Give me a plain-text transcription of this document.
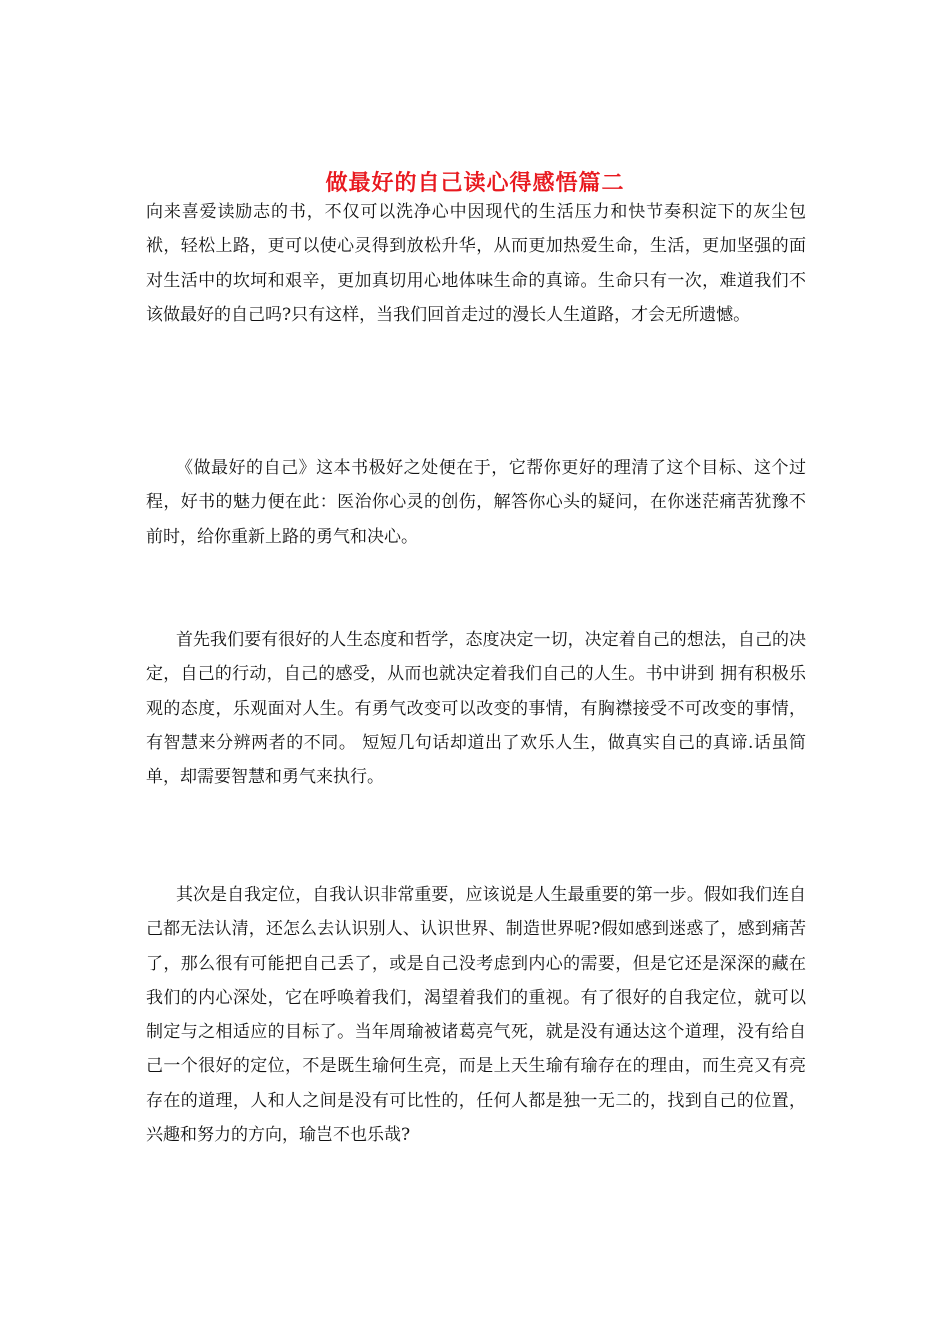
做最好的自己读心得感悟篇二

向来喜爱读励志的书，不仅可以洗净心中因现代的生活压力和快节奏积淀下的灰尘包袱，轻松上路，更可以使心灵得到放松升华，从而更加热爱生命，生活，更加坚强的面对生活中的坎坷和艰辛，更加真切用心地体味生命的真谛。生命只有一次，难道我们不该做最好的自己吗?只有这样，当我们回首走过的漫长人生道路，才会无所遗憾。

《做最好的自己》这本书极好之处便在于，它帮你更好的理清了这个目标、这个过程，好书的魅力便在此：医治你心灵的创伤，解答你心头的疑问，在你迷茫痛苦犹豫不前时，给你重新上路的勇气和决心。

首先我们要有很好的人生态度和哲学，态度决定一切，决定着自己的想法，自己的决定，自己的行动，自己的感受，从而也就决定着我们自己的人生。书中讲到 拥有积极乐观的态度，乐观面对人生。有勇气改变可以改变的事情，有胸襟接受不可改变的事情，有智慧来分辨两者的不同。 短短几句话却道出了欢乐人生，做真实自己的真谛.话虽简单，却需要智慧和勇气来执行。

其次是自我定位，自我认识非常重要，应该说是人生最重要的第一步。假如我们连自己都无法认清，还怎么去认识别人、认识世界、制造世界呢?假如感到迷惑了，感到痛苦了，那么很有可能把自己丢了，或是自己没考虑到内心的需要，但是它还是深深的藏在我们的内心深处，它在呼唤着我们，渴望着我们的重视。有了很好的自我定位，就可以制定与之相适应的目标了。当年周瑜被诸葛亮气死，就是没有通达这个道理，没有给自己一个很好的定位，不是既生瑜何生亮，而是上天生瑜有瑜存在的理由，而生亮又有亮存在的道理，人和人之间是没有可比性的，任何人都是独一无二的，找到自己的位置，兴趣和努力的方向，瑜岂不也乐哉?
